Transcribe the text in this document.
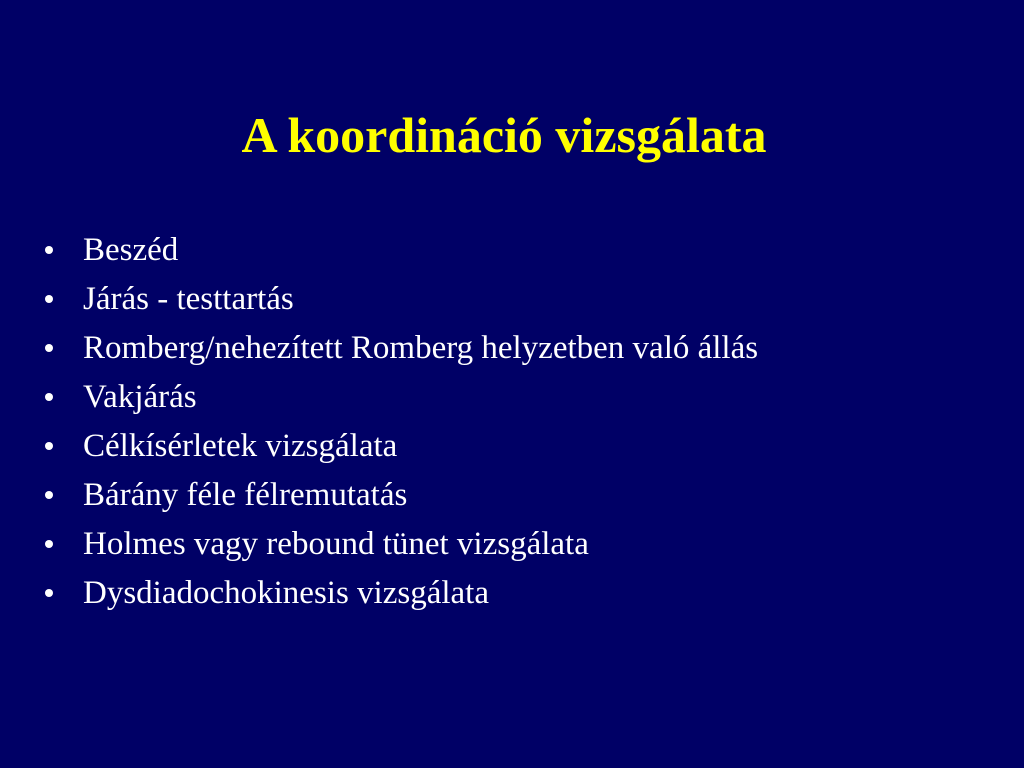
A koordináció vizsgálata
Beszéd
Járás - testtartás
Romberg/nehezített Romberg helyzetben való állás
Vakjárás
Célkísérletek vizsgálata
Bárány féle félremutatás
Holmes vagy rebound tünet vizsgálata
Dysdiadochokinesis vizsgálata
